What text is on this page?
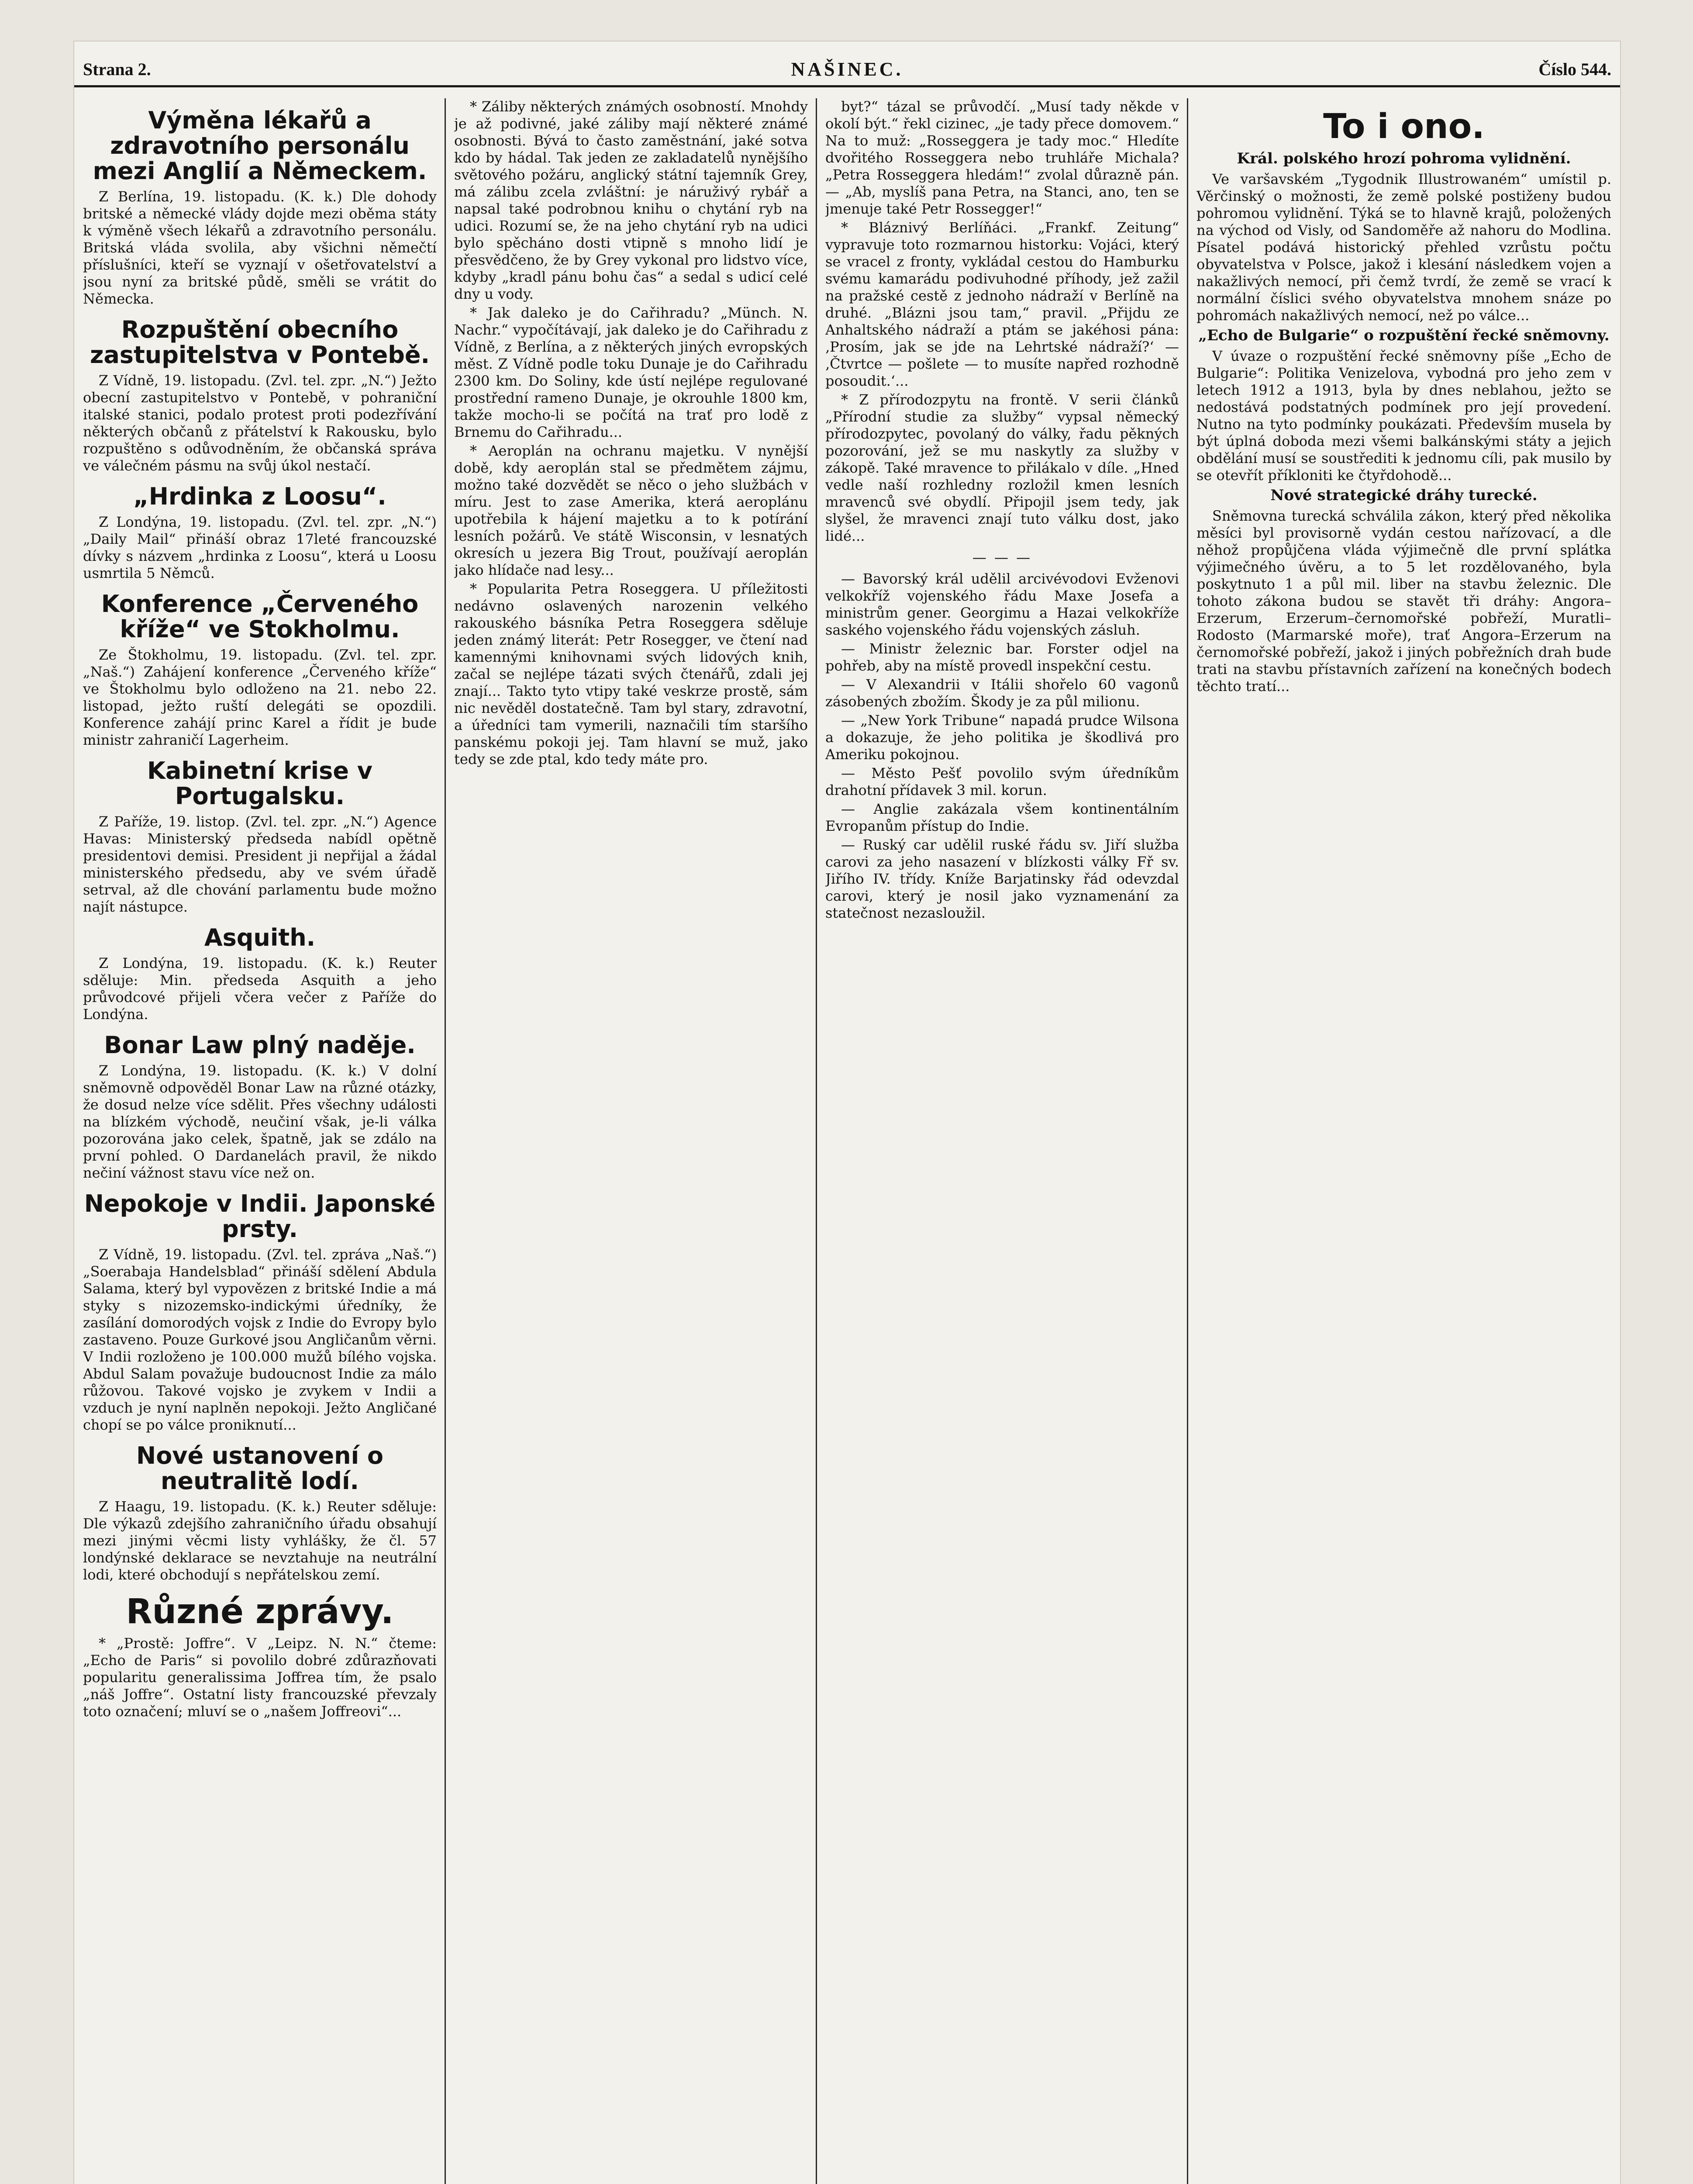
Strana 2.	NAŠINEC.	Číslo 544.
Výměna lékařů a zdravotního personálu mezi Anglií a Německem.

Z Berlína, 19. listopadu. (K. k.) Dle dohody britské a německé vlády dojde mezi oběma státy k výměně všech lékařů a zdravotního personálu. Britská vláda svolila, aby všichni němečtí příslušníci, kteří se vyznají v ošetřovatelství a jsou nyní za britské půdě, směli se vrátit do Německa.

Rozpuštění obecního zastupitelstva v Pontebě.

Z Vídně, 19. listopadu. (Zvl. tel. zpr. „N.“) Ježto obecní zastupitelstvo v Pontebě, v pohraniční italské stanici, podalo protest proti podezřívání některých občanů z přátelství k Rakousku, bylo rozpuštěno s odůvodněním, že občanská správa ve válečném pásmu na svůj úkol nestačí.

„Hrdinka z Loosu“.

Z Londýna, 19. listopadu. (Zvl. tel. zpr. „N.“) „Daily Mail“ přináší obraz 17leté francouzské dívky s názvem „hrdinka z Loosu“, která u Loosu usmrtila 5 Němců.

Konference „Červeného kříže“ ve Stokholmu.

Ze Štokholmu, 19. listopadu. (Zvl. tel. zpr. „Naš.“) Zahájení konference „Červeného kříže“ ve Štokholmu bylo odloženo na 21. nebo 22. listopad, ježto ruští delegáti se opozdili. Konference zahájí princ Karel a řídit je bude ministr zahraničí Lagerheim.

Kabinetní krise v Portugalsku.

Z Paříže, 19. listop. (Zvl. tel. zpr. „N.“) Agence Havas: Ministerský předseda nabídl opětně presidentovi demisi. President ji nepřijal a žádal ministerského předsedu, aby ve svém úřadě setrval, až dle chování parlamentu bude možno najít nástupce.

Asquith.

Z Londýna, 19. listopadu. (K. k.) Reuter sděluje: Min. předseda Asquith a jeho průvodcové přijeli včera večer z Paříže do Londýna.

Bonar Law plný naděje.

Z Londýna, 19. listopadu. (K. k.) V dolní sněmovně odpověděl Bonar Law na různé otázky, že dosud nelze více sdělit. Přes všechny události na blízkém východě, neučiní však, je-li válka pozorována jako celek, špatně, jak se zdálo na první pohled. O Dardanelách pravil, že nikdo nečiní vážnost stavu více než on.

Nepokoje v Indii. Japonské prsty.

Z Vídně, 19. listopadu. (Zvl. tel. zpráva „Naš.“) „Soerabaja Handelsblad“ přináší sdělení Abdula Salama, který byl vypovězen z britské Indie a má styky s nizozemsko-indickými úředníky, že zasílání domorodých vojsk z Indie do Evropy bylo zastaveno. Pouze Gurkové jsou Angličanům věrni. V Indii rozloženo je 100.000 mužů bílého vojska. Abdul Salam považuje budoucnost Indie za málo růžovou. Takové vojsko je zvykem v Indii a vzduch je nyní naplněn nepokoji. Ježto Angličané chopí se po válce proniknutí...

Nové ustanovení o neutralitě lodí.

Z Haagu, 19. listopadu. (K. k.) Reuter sděluje: Dle výkazů zdejšího zahraničního úřadu obsahují mezi jinými věcmi listy vyhlášky, že čl. 57 londýnské deklarace se nevztahuje na neutrální lodi, které obchodují s nepřátelskou zemí.

Různé zprávy.

* „Prostě: Joffre“. V „Leipz. N. N.“ čteme: „Echo de Paris“ si povolilo dobré zdůrazňovati popularitu generalissima Joffrea tím, že psalo „náš Joffre“. Ostatní listy francouzské převzaly toto označení; mluví se o „našem Joffreovi“...

* Záliby některých známých osobností. Mnohdy je až podivné, jaké záliby mají některé známé osobnosti. Bývá to často zaměstnání, jaké sotva kdo by hádal. Tak jeden ze zakladatelů nynějšího světového požáru, anglický státní tajemník Grey, má zálibu zcela zvláštní: je náruživý rybář a napsal také podrobnou knihu o chytání ryb na udici. Rozumí se, že na jeho chytání ryb na udici bylo spěcháno dosti vtipně s mnoho lidí je přesvědčeno, že by Grey vykonal pro lidstvo více, kdyby „kradl pánu bohu čas“ a sedal s udicí celé dny u vody.

* Jak daleko je do Cařihradu? „Münch. N. Nachr.“ vypočítávají, jak daleko je do Cařihradu z Vídně, z Berlína, a z některých jiných evropských měst. Z Vídně podle toku Dunaje je do Cařihradu 2300 km. Do Soliny, kde ústí nejlépe regulované prostřední rameno Dunaje, je okrouhle 1800 km, takže mocho-li se počítá na trať pro lodě z Brnemu do Cařihradu...

* Aeroplán na ochranu majetku. V nynější době, kdy aeroplán stal se předmětem zájmu, možno také dozvědět se něco o jeho službách v míru. Jest to zase Amerika, která aeroplánu upotřebila k hájení majetku a to k potírání lesních požárů. Ve státě Wisconsin, v lesnatých okresích u jezera Big Trout, používají aeroplán jako hlídače nad lesy...

* Popularita Petra Roseggera. U příležitosti nedávno oslavených narozenin velkého rakouského básníka Petra Roseggera sděluje jeden známý literát: Petr Rosegger, ve čtení nad kamennými knihovnami svých lidových knih, začal se nejlépe tázati svých čtenářů, zdali jej znají... Takto tyto vtipy také veskrze prostě, sám nic nevěděl dostatečně. Tam byl stary, zdravotní, a úředníci tam vymerili, naznačili tím staršího panskému pokoji jej. Tam hlavní se muž, jako tedy se zde ptal, kdo tedy máte pro.

byt?“ tázal se průvodčí. „Musí tady někde v okolí být.“ řekl cizinec, „je tady přece domovem.“ Na to muž: „Rosseggera je tady moc.“ Hledíte dvořitého Rosseggera nebo truhláře Michala? „Petra Rosseggera hledám!“ zvolal důrazně pán. — „Ab, myslíš pana Petra, na Stanci, ano, ten se jmenuje také Petr Rossegger!“

* Bláznivý Berlíňáci. „Frankf. Zeitung“ vypravuje toto rozmarnou historku: Vojáci, který se vracel z fronty, vykládal cestou do Hamburku svému kamarádu podivuhodné příhody, jež zažil na pražské cestě z jednoho nádraží v Berlíně na druhé. „Blázni jsou tam,“ pravil. „Přijdu ze Anhaltského nádraží a ptám se jakéhosi pána: ‚Prosím, jak se jde na Lehrtské nádraží?‘ — ‚Čtvrtce — pošlete — to musíte napřed rozhodně posoudit.‘...

* Z přírodozpytu na frontě. V serii článků „Přírodní studie za služby“ vypsal německý přírodozpytec, povolaný do války, řadu pěkných pozorování, jež se mu naskytly za služby v zákopě. Také mravence to přilákalo v díle. „Hned vedle naší rozhledny rozložil kmen lesních mravenců své obydlí. Připojil jsem tedy, jak slyšel, že mravenci znají tuto válku dost, jako lidé...

— — —

— Bavorský král udělil arcivévodovi Evženovi velkokříž vojenského řádu Maxe Josefa a ministrům gener. Georgimu a Hazai velkokříže saského vojenského řádu vojenských zásluh.

— Ministr železnic bar. Forster odjel na pohřeb, aby na místě provedl inspekční cestu.

— V Alexandrii v Itálii shořelo 60 vagonů zásobených zbožím. Škody je za půl milionu.

— „New York Tribune“ napadá prudce Wilsona a dokazuje, že jeho politika je škodlivá pro Ameriku pokojnou.

— Město Pešť povolilo svým úředníkům drahotní přídavek 3 mil. korun.

— Anglie zakázala všem kontinentálním Evropanům přístup do Indie.

— Ruský car udělil ruské řádu sv. Jiří služba carovi za jeho nasazení v blízkosti války Fř sv. Jiřího IV. třídy. Kníže Barjatinsky řád odevzdal carovi, který je nosil jako vyznamenání za statečnost nezasloužil.

To i ono.
Král. polského hrozí pohroma vylidnění.

Ve varšavském „Tygodnik Illustrowaném“ umístil p. Věrčinský o možnosti, že země polské postiženy budou pohromou vylidnění. Týká se to hlavně krajů, položených na východ od Visly, od Sandoměře až nahoru do Modlina. Písatel podává historický přehled vzrůstu počtu obyvatelstva v Polsce, jakož i klesání následkem vojen a nakažlivých nemocí, při čemž tvrdí, že země se vrací k normální číslici svého obyvatelstva mnohem snáze po pohromách nakažlivých nemocí, než po válce...

„Echo de Bulgarie“ o rozpuštění řecké sněmovny.

V úvaze o rozpuštění řecké sněmovny píše „Echo de Bulgarie“: Politika Venizelova, vybodná pro jeho zem v letech 1912 a 1913, byla by dnes neblahou, ježto se nedostává podstatných podmínek pro její provedení. Nutno na tyto podmínky poukázati. Především musela by být úplná doboda mezi všemi balkánskými státy a jejich obdělání musí se soustřediti k jednomu cíli, pak musilo by se otevřít příkloniti ke čtyřdohodě...

Nové strategické dráhy turecké.

Sněmovna turecká schválila zákon, který před několika měsíci byl provisorně vydán cestou nařízovací, a dle něhož propůjčena vláda výjimečně dle první splátka výjimečného úvěru, a to 5 let rozdělovaného, byla poskytnuto 1 a půl mil. liber na stavbu železnic. Dle tohoto zákona budou se stavět tři dráhy: Angora–Erzerum, Erzerum–černomořské pobřeží, Muratli–Rodosto (Marmarské moře), trať Angora–Erzerum na černomořské pobřeží, jakož i jiných pobřežních drah bude trati na stavbu přístavních zařízení na konečných bodech těchto tratí...
